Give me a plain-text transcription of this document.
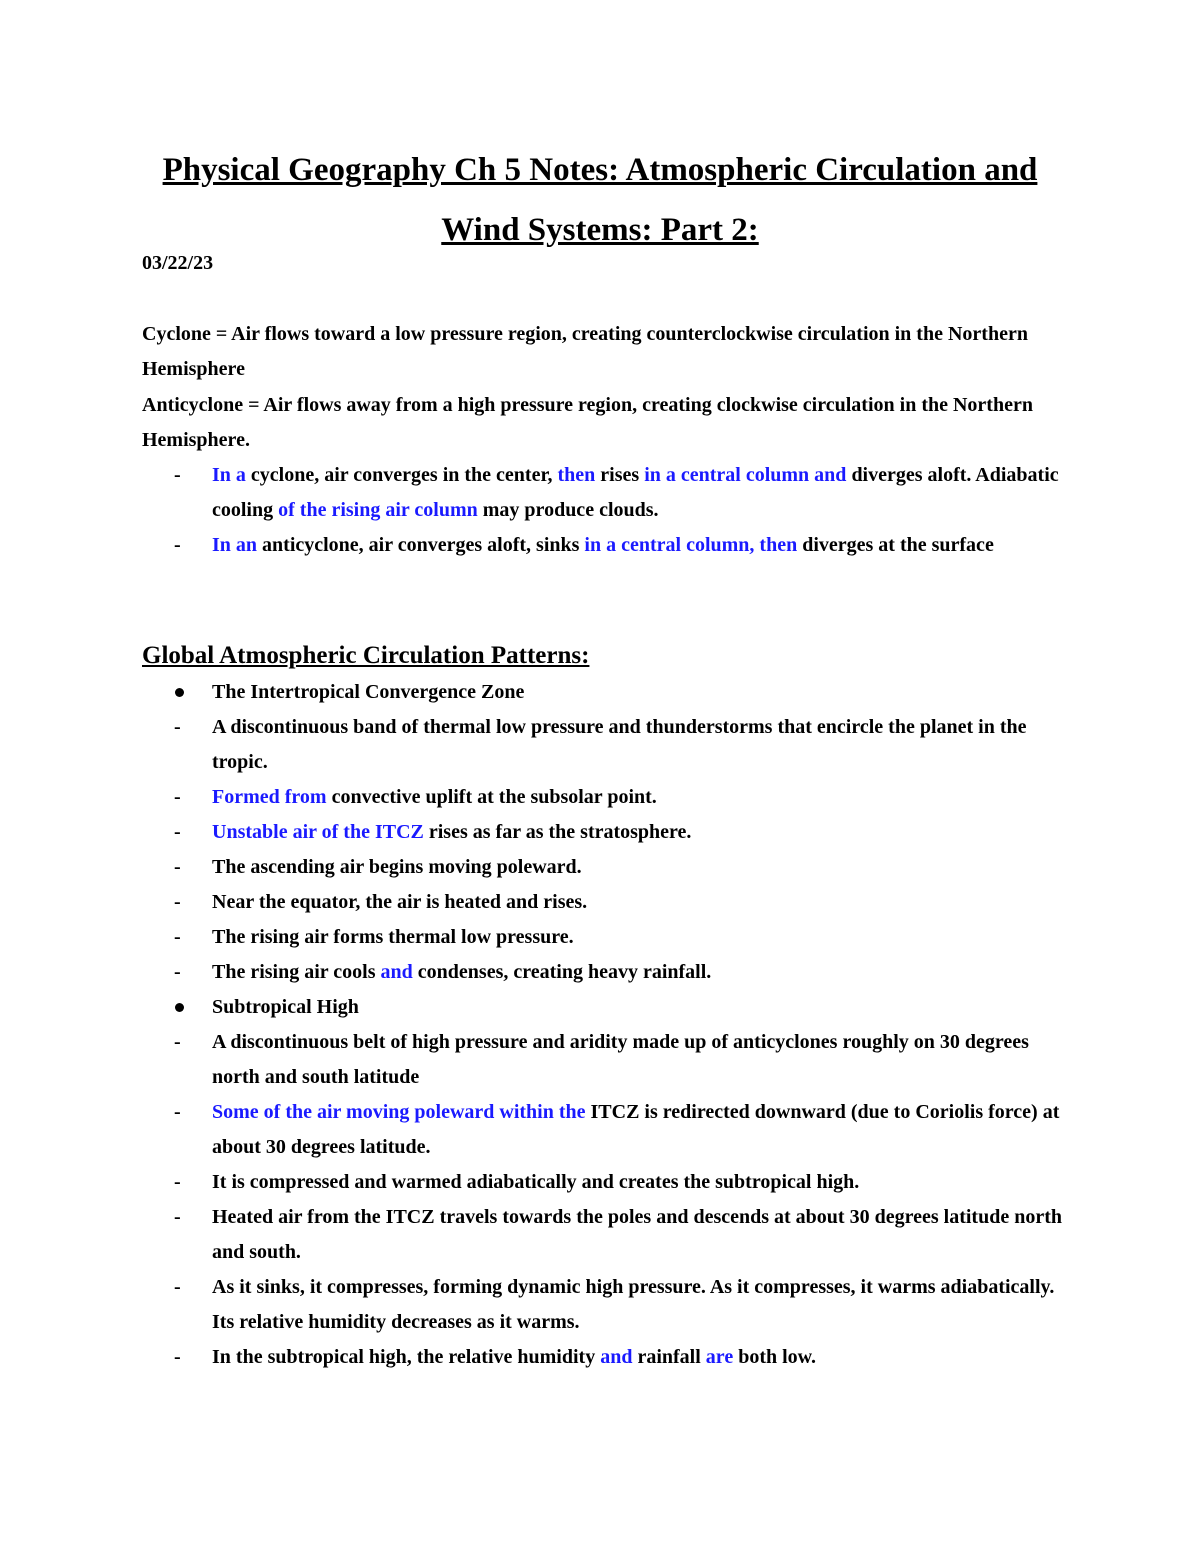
Physical Geography Ch 5 Notes: Atmospheric Circulation and
Wind Systems: Part 2:
03/22/23

Cyclone = Air flows toward a low pressure region, creating counterclockwise circulation in the Northern Hemisphere

Anticyclone = Air flows away from a high pressure region, creating clockwise circulation in the Northern Hemisphere.

-	In a cyclone, air converges in the center, then rises in a central column and diverges aloft. Adiabatic cooling of the rising air column may produce clouds.
-	In an anticyclone, air converges aloft, sinks in a central column, then diverges at the surface
Global Atmospheric Circulation Patterns:
The Intertropical Convergence Zone
-	A discontinuous band of thermal low pressure and thunderstorms that encircle the planet in the tropic.
-	Formed from convective uplift at the subsolar point.
-	Unstable air of the ITCZ rises as far as the stratosphere.
-	The ascending air begins moving poleward.
-	Near the equator, the air is heated and rises.
-	The rising air forms thermal low pressure.
-	The rising air cools and condenses, creating heavy rainfall.
Subtropical High
-	A discontinuous belt of high pressure and aridity made up of anticyclones roughly on 30 degrees north and south latitude
-	Some of the air moving poleward within the ITCZ is redirected downward (due to Coriolis force) at about 30 degrees latitude.
-	It is compressed and warmed adiabatically and creates the subtropical high.
-	Heated air from the ITCZ travels towards the poles and descends at about 30 degrees latitude north and south.
-	As it sinks, it compresses, forming dynamic high pressure. As it compresses, it warms adiabatically. Its relative humidity decreases as it warms.
-	In the subtropical high, the relative humidity and rainfall are both low.
